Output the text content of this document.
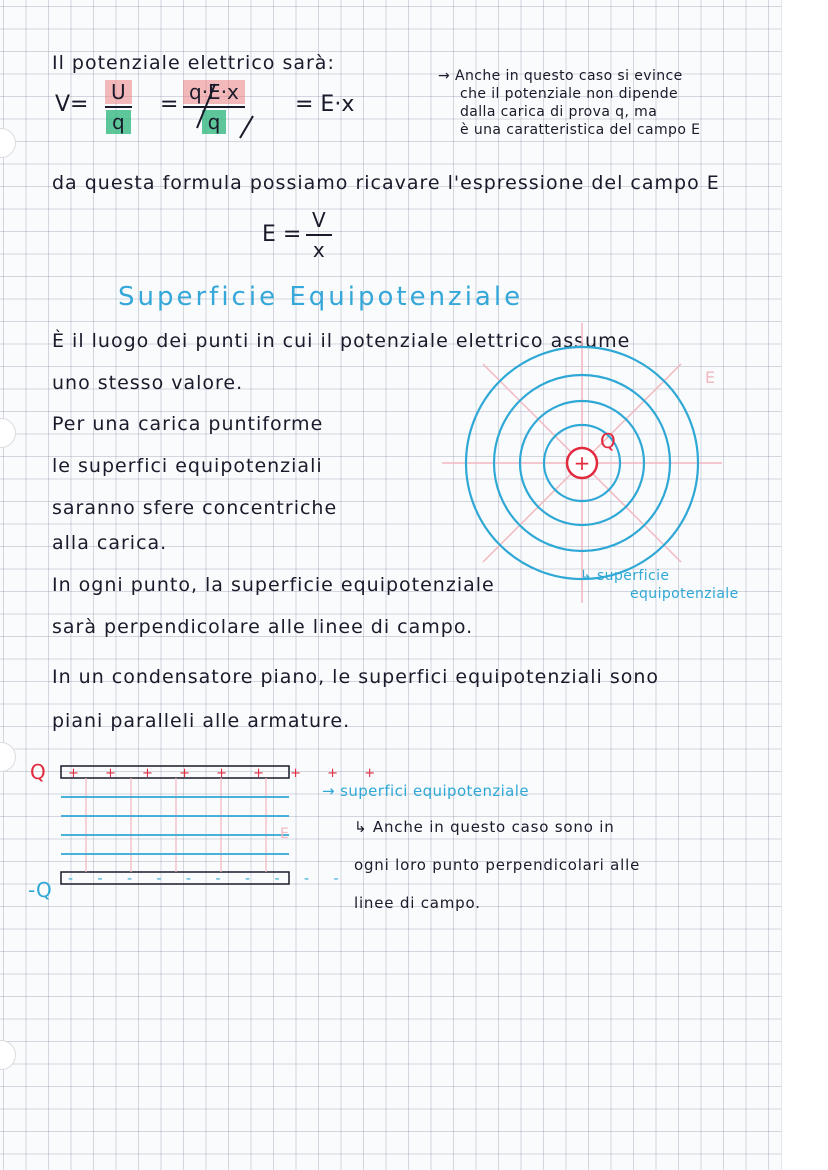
Il potenziale elettrico sarà:
V=	U
q
= q·E·x
q
= E·x
→ Anche in questo caso si evince
che il potenziale non dipende
dalla carica di prova q, ma
è una caratteristica del campo E
da questa formula possiamo ricavare l'espressione del campo E
E =
V
x
Superficie Equipotenziale
È il luogo dei punti in cui il potenziale elettrico assume
uno stesso valore.
Per una carica puntiforme
le superfici equipotenziali
saranno sfere concentriche
alla carica.
In ogni punto, la superficie equipotenziale
sarà perpendicolare alle linee di campo.
+
Q
E
↳ superficie
equipotenziale
In un condensatore piano, le superfici equipotenziali sono
piani paralleli alle armature.
Q
-Q
+ + + + + + + + +
- - - - - - - - - -
E
→ superfici equipotenziale
↳ Anche in questo caso sono in
ogni loro punto perpendicolari alle
linee di campo.
